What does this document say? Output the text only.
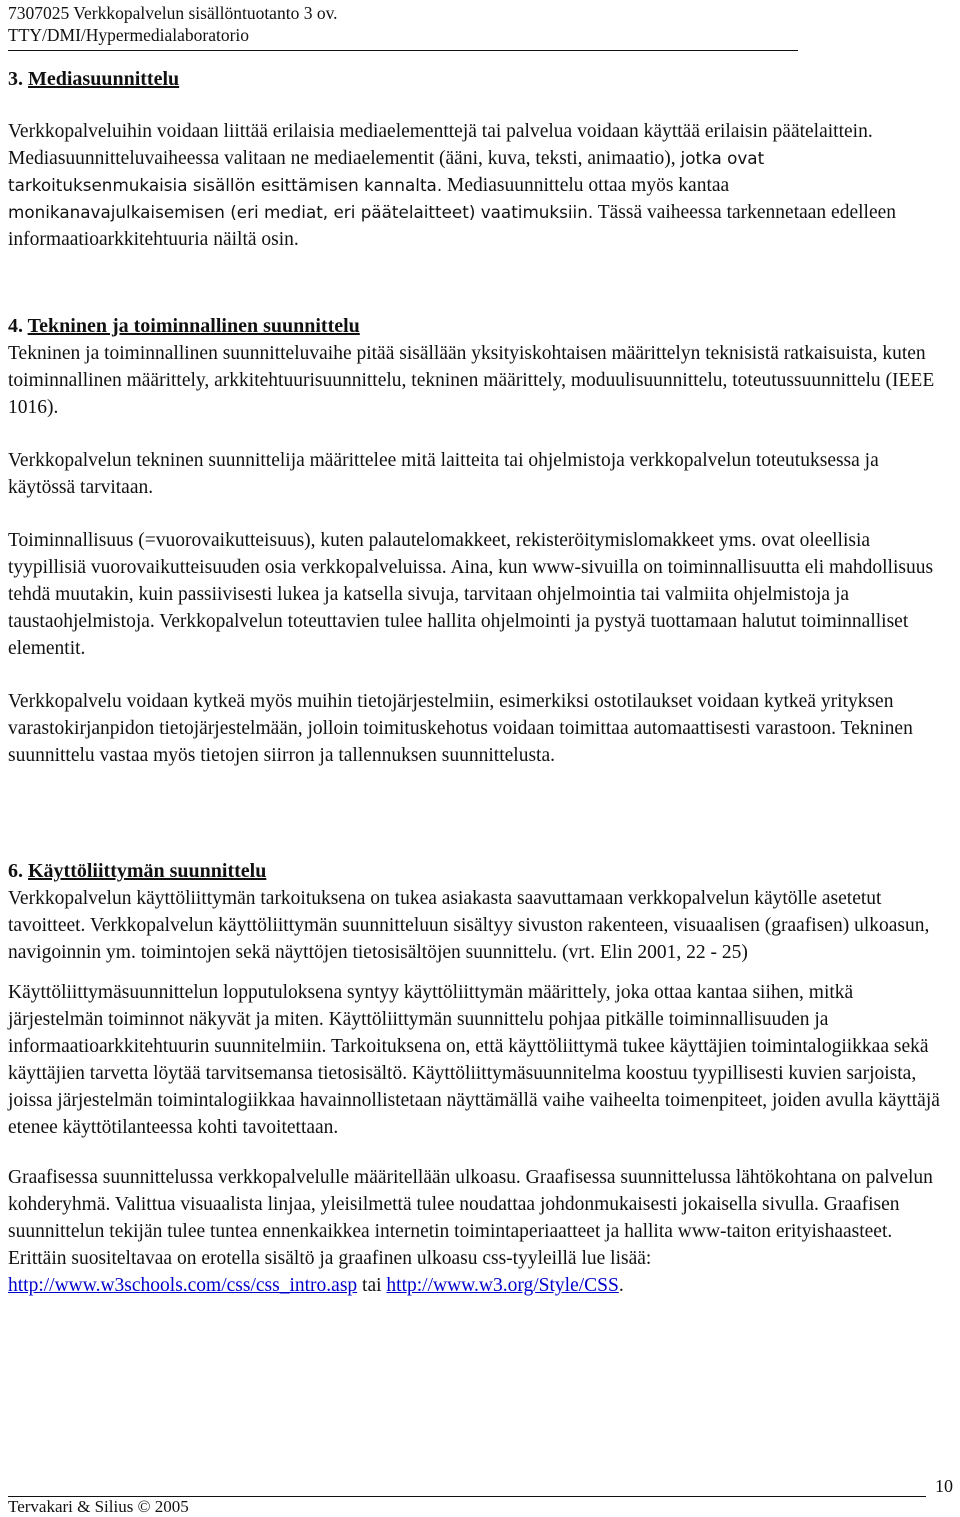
7307025 Verkkopalvelun sisällöntuotanto 3 ov.
TTY/DMI/Hypermedialaboratorio
3. Mediasuunnittelu

Verkkopalveluihin voidaan liittää erilaisia mediaelementtejä tai palvelua voidaan käyttää erilaisin päätelaittein. Mediasuunnitteluvaiheessa valitaan ne mediaelementit (ääni, kuva, teksti, animaatio), jotka ovat tarkoituksenmukaisia sisällön esittämisen kannalta. Mediasuunnittelu ottaa myös kantaa monikanavajulkaisemisen (eri mediat, eri päätelaitteet) vaatimuksiin. Tässä vaiheessa tarkennetaan edelleen informaatioarkkitehtuuria näiltä osin.

4. Tekninen ja toiminnallinen suunnittelu

Tekninen ja toiminnallinen suunnitteluvaihe pitää sisällään yksityiskohtaisen määrittelyn teknisistä ratkaisuista, kuten toiminnallinen määrittely, arkkitehtuurisuunnittelu, tekninen määrittely, moduulisuunnittelu, toteutussuunnittelu (IEEE 1016).

Verkkopalvelun tekninen suunnittelija määrittelee mitä laitteita tai ohjelmistoja verkkopalvelun toteutuksessa ja käytössä tarvitaan.

Toiminnallisuus (=vuorovaikutteisuus), kuten palautelomakkeet, rekisteröitymislomakkeet yms. ovat oleellisia tyypillisiä vuorovaikutteisuuden osia verkkopalveluissa. Aina, kun www-sivuilla on toiminnallisuutta eli mahdollisuus tehdä muutakin, kuin passiivisesti lukea ja katsella sivuja, tarvitaan ohjelmointia tai valmiita ohjelmistoja ja taustaohjelmistoja. Verkkopalvelun toteuttavien tulee hallita ohjelmointi ja pystyä tuottamaan halutut toiminnalliset elementit.

Verkkopalvelu voidaan kytkeä myös muihin tietojärjestelmiin, esimerkiksi ostotilaukset voidaan kytkeä yrityksen varastokirjanpidon tietojärjestelmään, jolloin toimituskehotus voidaan toimittaa automaattisesti varastoon. Tekninen suunnittelu vastaa myös tietojen siirron ja tallennuksen suunnittelusta.

6. Käyttöliittymän suunnittelu

Verkkopalvelun käyttöliittymän tarkoituksena on tukea asiakasta saavuttamaan verkkopalvelun käytölle asetetut tavoitteet. Verkkopalvelun käyttöliittymän suunnitteluun sisältyy sivuston rakenteen, visuaalisen (graafisen) ulkoasun, navigoinnin ym. toimintojen sekä näyttöjen tietosisältöjen suunnittelu. (vrt. Elin 2001, 22 - 25)

Käyttöliittymäsuunnittelun lopputuloksena syntyy käyttöliittymän määrittely, joka ottaa kantaa siihen, mitkä järjestelmän toiminnot näkyvät ja miten. Käyttöliittymän suunnittelu pohjaa pitkälle toiminnallisuuden ja informaatioarkkitehtuurin suunnitelmiin. Tarkoituksena on, että käyttöliittymä tukee käyttäjien toimintalogiikkaa sekä käyttäjien tarvetta löytää tarvitsemansa tietosisältö. Käyttöliittymäsuunnitelma koostuu tyypillisesti kuvien sarjoista, joissa järjestelmän toimintalogiikkaa havainnollistetaan näyttämällä vaihe vaiheelta toimenpiteet, joiden avulla käyttäjä etenee käyttötilanteessa kohti tavoitettaan.

Graafisessa suunnittelussa verkkopalvelulle määritellään ulkoasu. Graafisessa suunnittelussa lähtökohtana on palvelun kohderyhmä. Valittua visuaalista linjaa, yleisilmettä tulee noudattaa johdonmukaisesti jokaisella sivulla. Graafisen suunnittelun tekijän tulee tuntea ennenkaikkea internetin toimintaperiaatteet ja hallita www-taiton erityishaasteet. Erittäin suositeltavaa on erotella sisältö ja graafinen ulkoasu css-tyyleillä lue lisää: http://www.w3schools.com/css/css_intro.asp tai http://www.w3.org/Style/CSS.

10
Tervakari & Silius © 2005
